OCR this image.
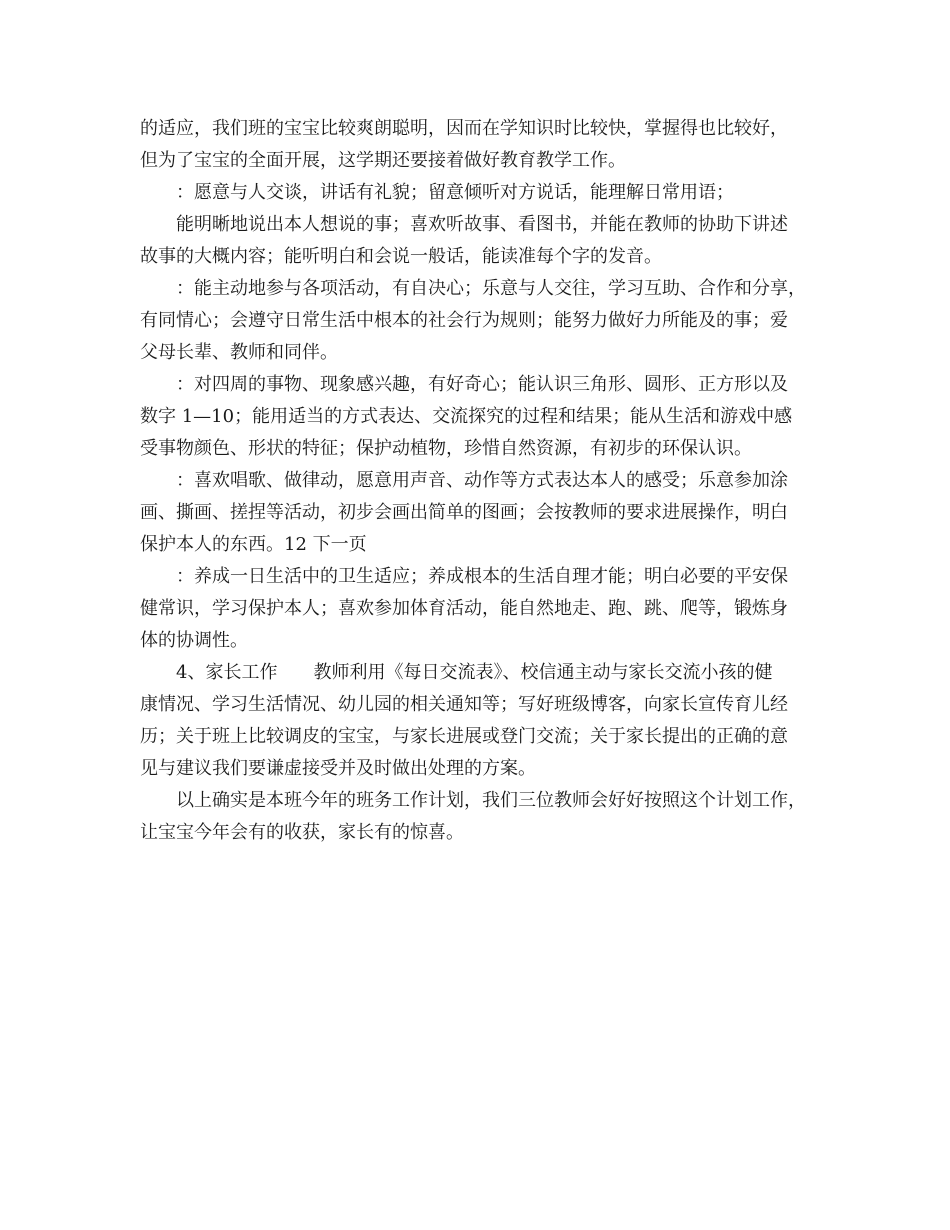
的适应，我们班的宝宝比较爽朗聪明，因而在学知识时比较快，掌握得也比较好，
但为了宝宝的全面开展，这学期还要接着做好教育教学工作。
：愿意与人交谈，讲话有礼貌；留意倾听对方说话，能理解日常用语；
能明晰地说出本人想说的事；喜欢听故事、看图书，并能在教师的协助下讲述
故事的大概内容；能听明白和会说一般话，能读准每个字的发音。
：能主动地参与各项活动，有自决心；乐意与人交往，学习互助、合作和分享，
有同情心；会遵守日常生活中根本的社会行为规则；能努力做好力所能及的事；爱
父母长辈、教师和同伴。
：对四周的事物、现象感兴趣，有好奇心；能认识三角形、圆形、正方形以及
数字 1—10；能用适当的方式表达、交流探究的过程和结果；能从生活和游戏中感
受事物颜色、形状的特征；保护动植物，珍惜自然资源，有初步的环保认识。
：喜欢唱歌、做律动，愿意用声音、动作等方式表达本人的感受；乐意参加涂
画、撕画、搓捏等活动，初步会画出简单的图画；会按教师的要求进展操作，明白
保护本人的东西。12 下一页
：养成一日生活中的卫生适应；养成根本的生活自理才能；明白必要的平安保
健常识，学习保护本人；喜欢参加体育活动，能自然地走、跑、跳、爬等，锻炼身
体的协调性。
4、家长工作　　教师利用《每日交流表》、校信通主动与家长交流小孩的健
康情况、学习生活情况、幼儿园的相关通知等；写好班级博客，向家长宣传育儿经
历；关于班上比较调皮的宝宝，与家长进展或登门交流；关于家长提出的正确的意
见与建议我们要谦虚接受并及时做出处理的方案。
以上确实是本班今年的班务工作计划，我们三位教师会好好按照这个计划工作，
让宝宝今年会有的收获，家长有的惊喜。
